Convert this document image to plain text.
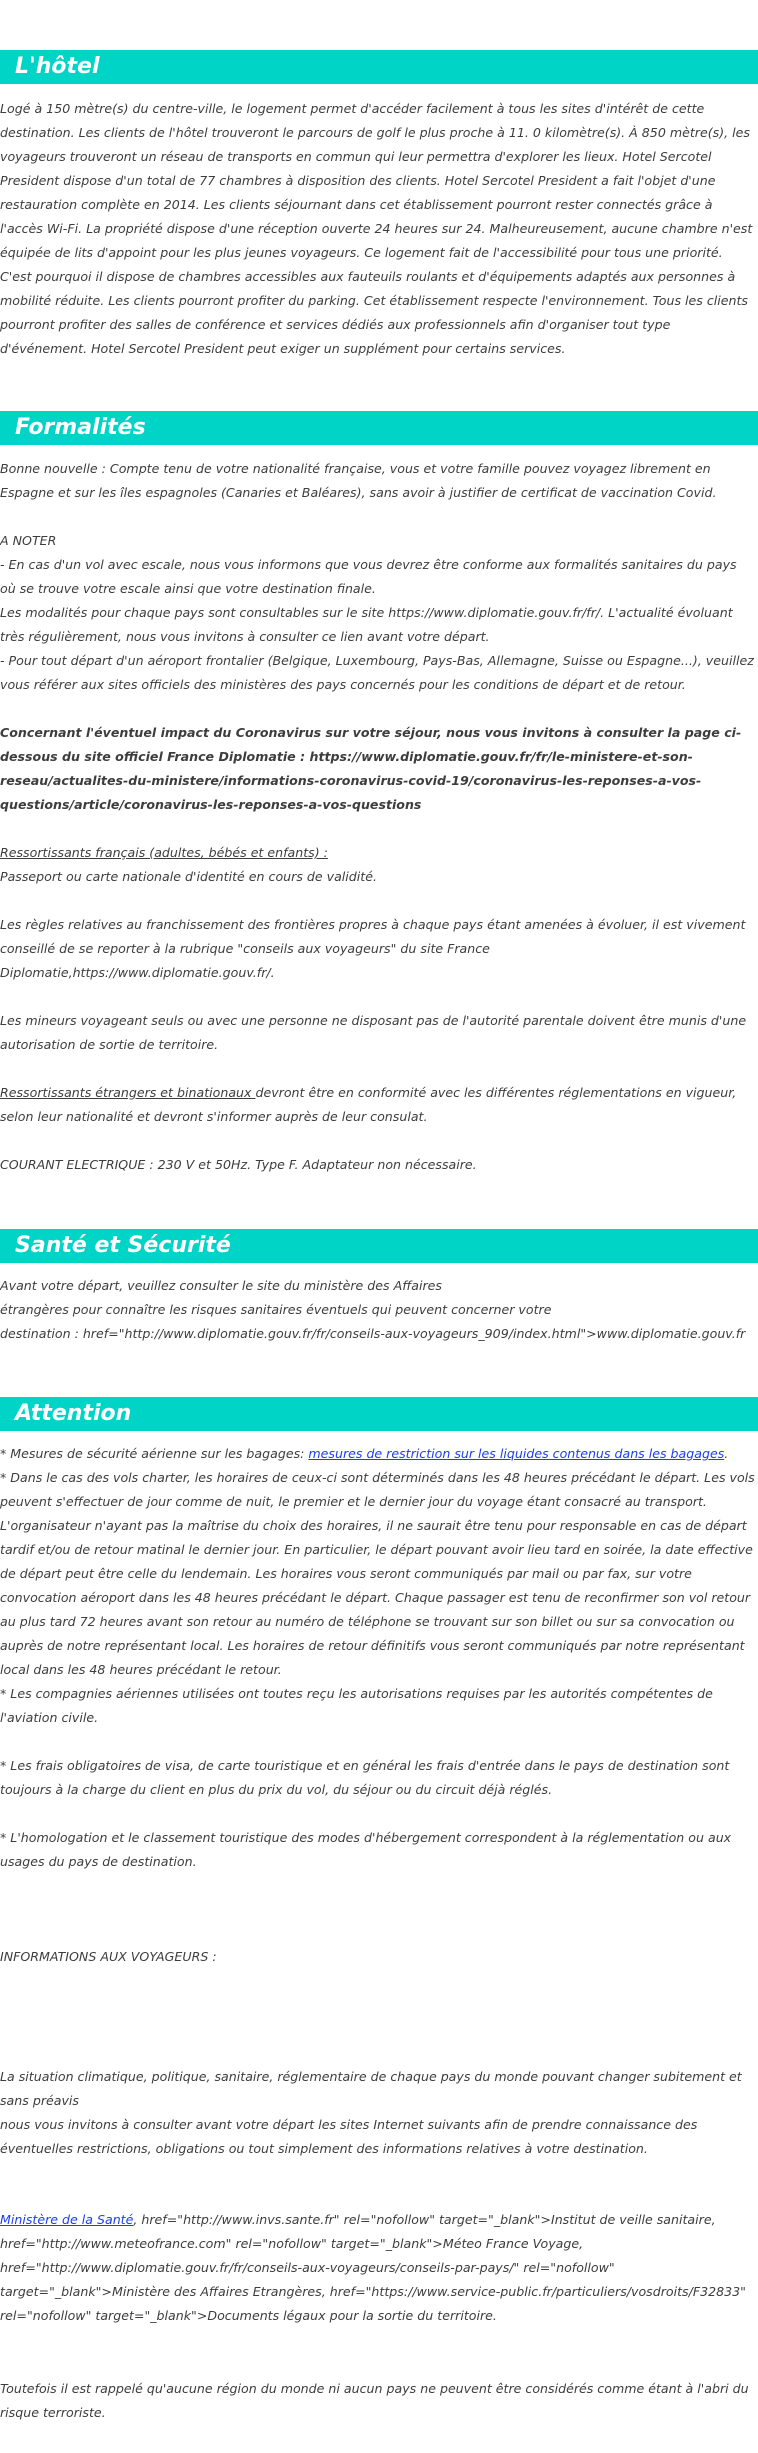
L'hôtel

Logé à 150 mètre(s) du centre-ville, le logement permet d'accéder facilement à tous les sites d'intérêt de cette destination. Les clients de l'hôtel trouveront le parcours de golf le plus proche à 11. 0 kilomètre(s). À 850 mètre(s), les voyageurs trouveront un réseau de transports en commun qui leur permettra d'explorer les lieux. Hotel Sercotel President dispose d'un total de 77 chambres à disposition des clients. Hotel Sercotel President a fait l'objet d'une restauration complète en 2014. Les clients séjournant dans cet établissement pourront rester connectés grâce à l'accès Wi-Fi. La propriété dispose d'une réception ouverte 24 heures sur 24. Malheureusement, aucune chambre n'est équipée de lits d'appoint pour les plus jeunes voyageurs. Ce logement fait de l'accessibilité pour tous une priorité. C'est pourquoi il dispose de chambres accessibles aux fauteuils roulants et d'équipements adaptés aux personnes à mobilité réduite. Les clients pourront profiter du parking. Cet établissement respecte l'environnement. Tous les clients pourront profiter des salles de conférence et services dédiés aux professionnels afin d'organiser tout type d'événement. Hotel Sercotel President peut exiger un supplément pour certains services.

Formalités

Bonne nouvelle : Compte tenu de votre nationalité française, vous et votre famille pouvez voyagez librement en Espagne et sur les îles espagnoles (Canaries et Baléares), sans avoir à justifier de certificat de vaccination Covid.

A NOTER
- En cas d'un vol avec escale, nous vous informons que vous devrez être conforme aux formalités sanitaires du pays où se trouve votre escale ainsi que votre destination finale.
Les modalités pour chaque pays sont consultables sur le site https://www.diplomatie.gouv.fr/fr/. L'actualité évoluant très régulièrement, nous vous invitons à consulter ce lien avant votre départ.
- Pour tout départ d'un aéroport frontalier (Belgique, Luxembourg, Pays-Bas, Allemagne, Suisse ou Espagne...), veuillez vous référer aux sites officiels des ministères des pays concernés pour les conditions de départ et de retour.

Concernant l'éventuel impact du Coronavirus sur votre séjour, nous vous invitons à consulter la page ci-dessous du site officiel France Diplomatie : https://www.diplomatie.gouv.fr/fr/le-ministere-et-son-reseau/actualites-du-ministere/informations-coronavirus-covid-19/coronavirus-les-reponses-a-vos-questions/article/coronavirus-les-reponses-a-vos-questions

Ressortissants français (adultes, bébés et enfants) :

Passeport ou carte nationale d'identité en cours de validité.

Les règles relatives au franchissement des frontières propres à chaque pays étant amenées à évoluer, il est vivement conseillé de se reporter à la rubrique "conseils aux voyageurs" du site France Diplomatie,https://www.diplomatie.gouv.fr/.

Les mineurs voyageant seuls ou avec une personne ne disposant pas de l'autorité parentale doivent être munis d'une autorisation de sortie de territoire.

Ressortissants étrangers et binationaux devront être en conformité avec les différentes réglementations en vigueur, selon leur nationalité et devront s'informer auprès de leur consulat.

COURANT ELECTRIQUE : 230 V et 50Hz. Type F. Adaptateur non nécessaire.

Santé et Sécurité

Avant votre départ, veuillez consulter le site du ministère des Affaires
étrangères pour connaître les risques sanitaires éventuels qui peuvent concerner votre
destination : href="http://www.diplomatie.gouv.fr/fr/conseils-aux-voyageurs_909/index.html">www.diplomatie.gouv.fr

Attention

* Mesures de sécurité aérienne sur les bagages: mesures de restriction sur les liquides contenus dans les bagages.

* Dans le cas des vols charter, les horaires de ceux-ci sont déterminés dans les 48 heures précédant le départ. Les vols peuvent s'effectuer de jour comme de nuit, le premier et le dernier jour du voyage étant consacré au transport. L'organisateur n'ayant pas la maîtrise du choix des horaires, il ne saurait être tenu pour responsable en cas de départ tardif et/ou de retour matinal le dernier jour. En particulier, le départ pouvant avoir lieu tard en soirée, la date effective de départ peut être celle du lendemain. Les horaires vous seront communiqués par mail ou par fax, sur votre convocation aéroport dans les 48 heures précédant le départ. Chaque passager est tenu de reconfirmer son vol retour au plus tard 72 heures avant son retour au numéro de téléphone se trouvant sur son billet ou sur sa convocation ou auprès de notre représentant local. Les horaires de retour définitifs vous seront communiqués par notre représentant local dans les 48 heures précédant le retour.
* Les compagnies aériennes utilisées ont toutes reçu les autorisations requises par les autorités compétentes de l'aviation civile.

* Les frais obligatoires de visa, de carte touristique et en général les frais d'entrée dans le pays de destination sont toujours à la charge du client en plus du prix du vol, du séjour ou du circuit déjà réglés.

* L'homologation et le classement touristique des modes d'hébergement correspondent à la réglementation ou aux usages du pays de destination.

INFORMATIONS AUX VOYAGEURS :

La situation climatique, politique, sanitaire, réglementaire de chaque pays du monde pouvant changer subitement et sans préavis
nous vous invitons à consulter avant votre départ les sites Internet suivants afin de prendre connaissance des éventuelles restrictions, obligations ou tout simplement des informations relatives à votre destination.

Ministère de la Santé, href="http://www.invs.sante.fr" rel="nofollow" target="_blank">Institut de veille sanitaire, href="http://www.meteofrance.com" rel="nofollow" target="_blank">Méteo France Voyage, href="http://www.diplomatie.gouv.fr/fr/conseils-aux-voyageurs/conseils-par-pays/" rel="nofollow" target="_blank">Ministère des Affaires Etrangères, href="https://www.service-public.fr/particuliers/vosdroits/F32833" rel="nofollow" target="_blank">Documents légaux pour la sortie du territoire.

Toutefois il est rappelé qu'aucune région du monde ni aucun pays ne peuvent être considérés comme étant à l'abri du risque terroriste.
